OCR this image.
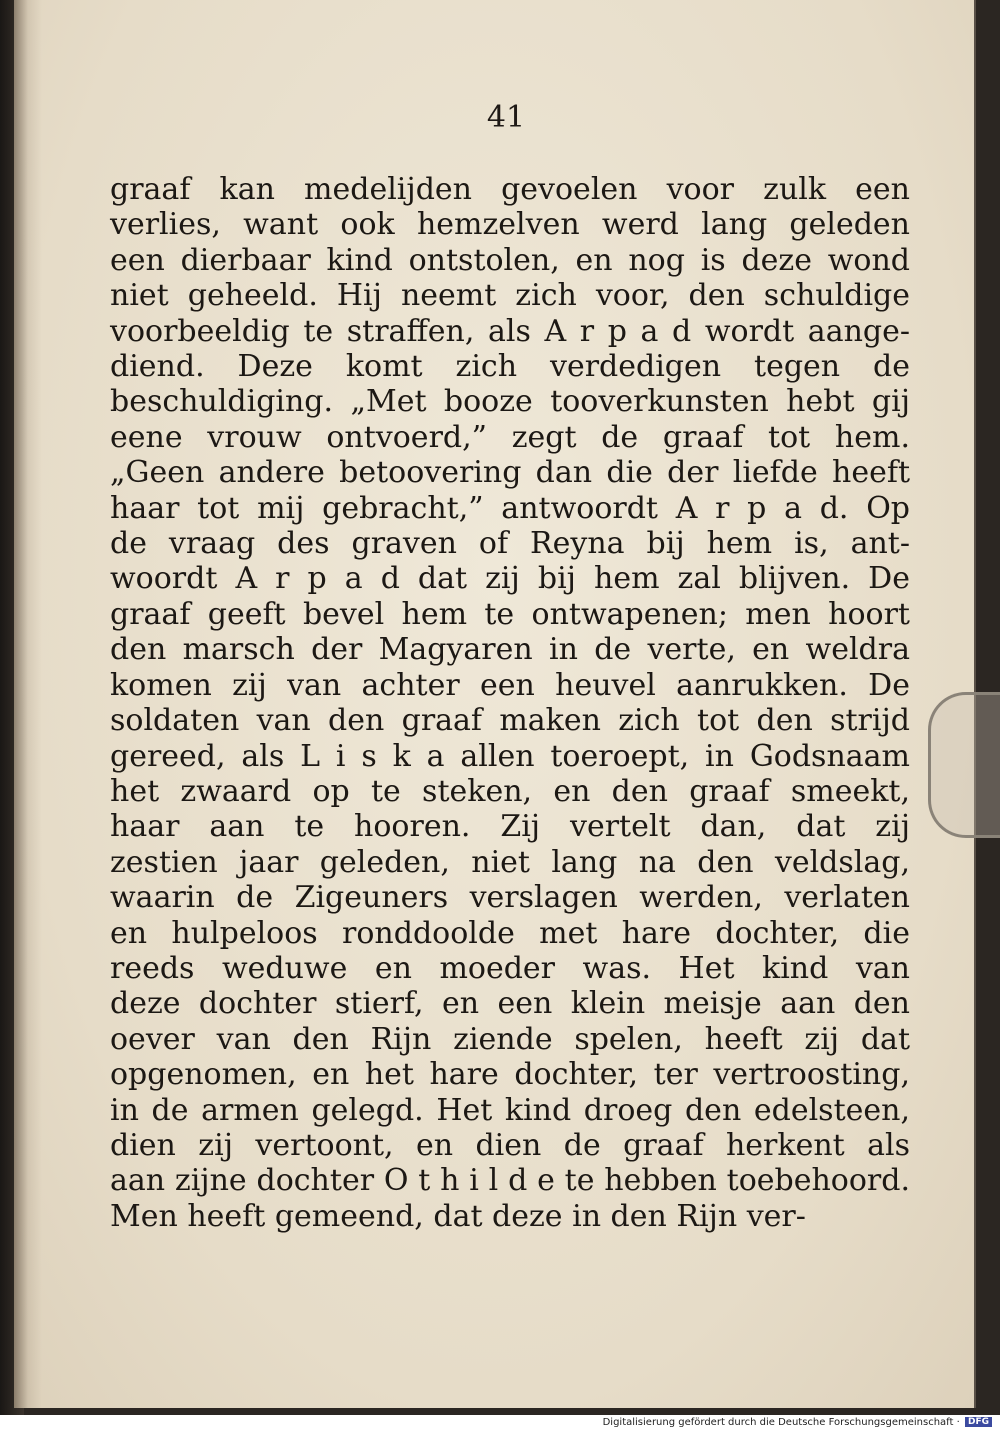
41
graaf kan medelijden gevoelen voor zulk een
verlies, want ook hemzelven werd lang geleden
een dierbaar kind ontstolen, en nog is deze wond
niet geheeld. Hij neemt zich voor, den schuldige
voorbeeldig te straffen, als A r p a d wordt aange-
diend. Deze komt zich verdedigen tegen de
beschuldiging. „Met booze tooverkunsten hebt gij
eene vrouw ontvoerd,” zegt de graaf tot hem.
„Geen andere betoovering dan die der liefde heeft
haar tot mij gebracht,” antwoordt A r p a d. Op
de vraag des graven of Reyna bij hem is, ant-
woordt A r p a d dat zij bij hem zal blijven. De
graaf geeft bevel hem te ontwapenen; men hoort
den marsch der Magyaren in de verte, en weldra
komen zij van achter een heuvel aanrukken. De
soldaten van den graaf maken zich tot den strijd
gereed, als L i s k a allen toeroept, in Godsnaam
het zwaard op te steken, en den graaf smeekt,
haar aan te hooren. Zij vertelt dan, dat zij
zestien jaar geleden, niet lang na den veldslag,
waarin de Zigeuners verslagen werden, verlaten
en hulpeloos ronddoolde met hare dochter, die
reeds weduwe en moeder was. Het kind van
deze dochter stierf, en een klein meisje aan den
oever van den Rijn ziende spelen, heeft zij dat
opgenomen, en het hare dochter, ter vertroosting,
in de armen gelegd. Het kind droeg den edelsteen,
dien zij vertoont, en dien de graaf herkent als
aan zijne dochter O t h i l d e te hebben toebehoord.
Men heeft gemeend, dat deze in den Rijn ver-
Digitalisierung gefördert durch die Deutsche Forschungsgemeinschaft · DFG
